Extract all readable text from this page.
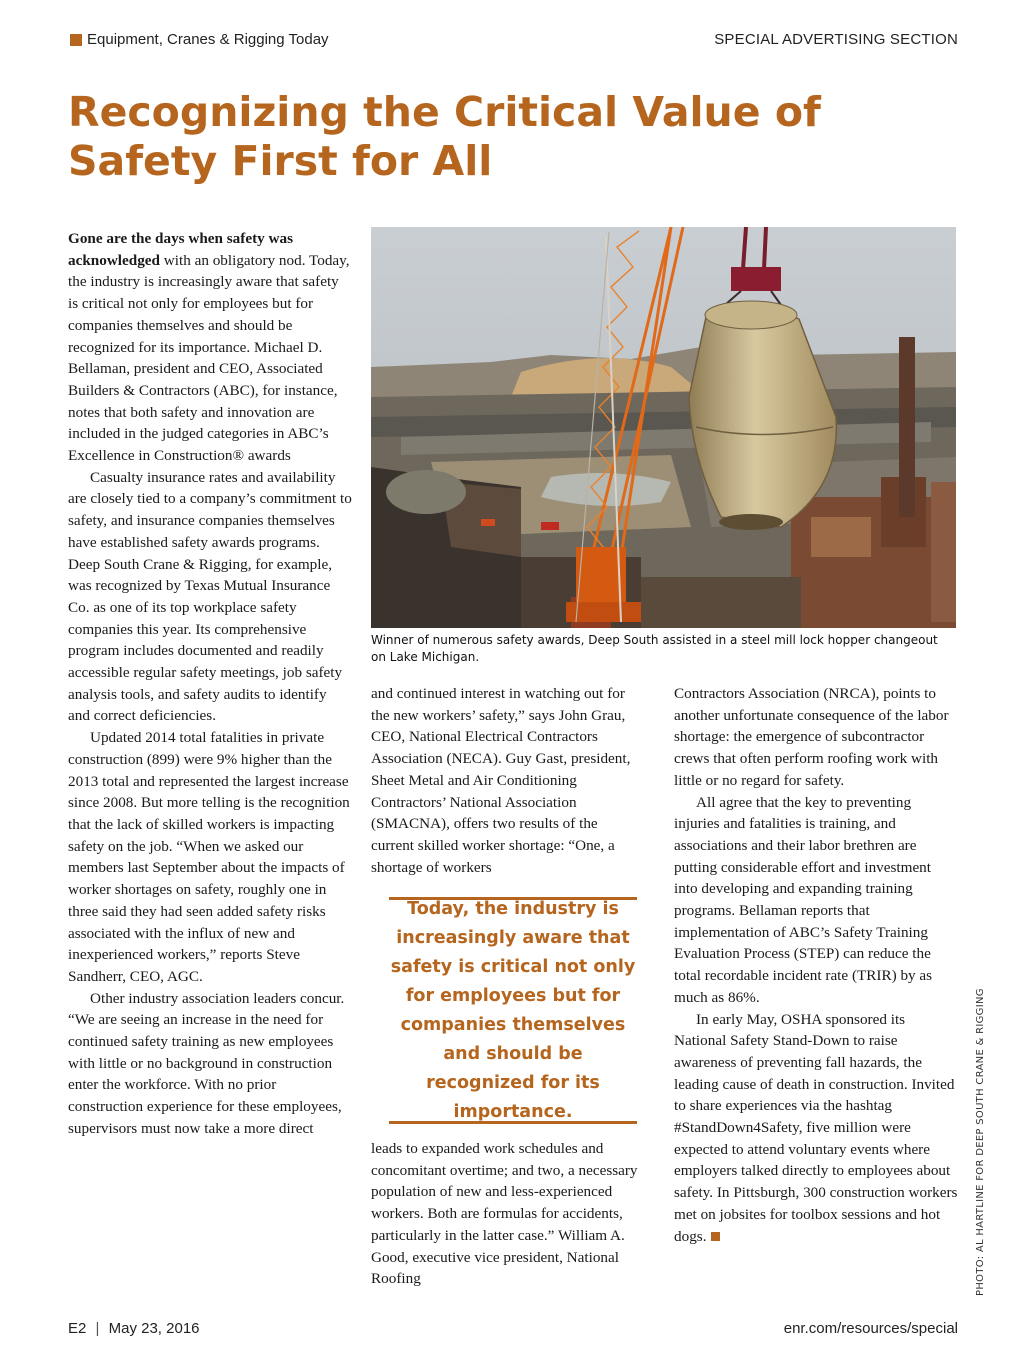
Equipment, Cranes & Rigging Today	SPECIAL ADVERTISING SECTION
Recognizing the Critical Value of Safety First for All

Gone are the days when safety was acknowledged with an obligatory nod. Today, the industry is increasingly aware that safety is critical not only for employees but for companies themselves and should be recognized for its importance. Michael D. Bellaman, president and CEO, Associated Builders & Contractors (ABC), for instance, notes that both safety and innovation are included in the judged categories in ABC’s Excellence in Construction® awards

Casualty insurance rates and availability are closely tied to a company’s commitment to safety, and insurance companies themselves have established safety awards programs. Deep South Crane & Rigging, for example, was recognized by Texas Mutual Insurance Co. as one of its top workplace safety companies this year. Its comprehensive program includes documented and readily accessible regular safety meetings, job safety analysis tools, and safety audits to identify and correct deficiencies.

Updated 2014 total fatalities in private construction (899) were 9% higher than the 2013 total and represented the largest increase since 2008. But more telling is the recognition that the lack of skilled workers is impacting safety on the job. “When we asked our members last September about the impacts of worker shortages on safety, roughly one in three said they had seen added safety risks associated with the influx of new and inexperienced workers,” reports Steve Sandherr, CEO, AGC.

Other industry association leaders concur. “We are seeing an increase in the need for continued safety training as new employees with little or no background in construction enter the workforce. With no prior construction experience for these employees, supervisors must now take a more direct

Winner of numerous safety awards, Deep South assisted in a steel mill lock hopper changeout on Lake Michigan.

and continued interest in watching out for the new workers’ safety,” says John Grau, CEO, National Electrical Contractors Association (NECA). Guy Gast, president, Sheet Metal and Air Conditioning Contractors’ National Association (SMACNA), offers two results of the current skilled worker shortage: “One, a shortage of workers

Today, the industry is increasingly aware that safety is critical not only for employees but for companies themselves and should be recognized for its importance.

leads to expanded work schedules and concomitant overtime; and two, a necessary population of new and less-experienced workers. Both are formulas for accidents, particularly in the latter case.” William A. Good, executive vice president, National Roofing

Contractors Association (NRCA), points to another unfortunate consequence of the labor shortage: the emergence of subcontractor crews that often perform roofing work with little or no regard for safety.

All agree that the key to preventing injuries and fatalities is training, and associations and their labor brethren are putting considerable effort and investment into developing and expanding training programs. Bellaman reports that implementation of ABC’s Safety Training Evaluation Process (STEP) can reduce the total recordable incident rate (TRIR) by as much as 86%.

In early May, OSHA sponsored its National Safety Stand-Down to raise awareness of preventing fall hazards, the leading cause of death in construction. Invited to share experiences via the hashtag #StandDown4Safety, five million were expected to attend voluntary events where employers talked directly to employees about safety. In Pittsburgh, 300 construction workers met on jobsites for toolbox sessions and hot dogs.	PHOTO: AL HARTLINE FOR DEEP SOUTH CRANE & RIGGING
E2 | May 23, 2016	enr.com/resources/special
